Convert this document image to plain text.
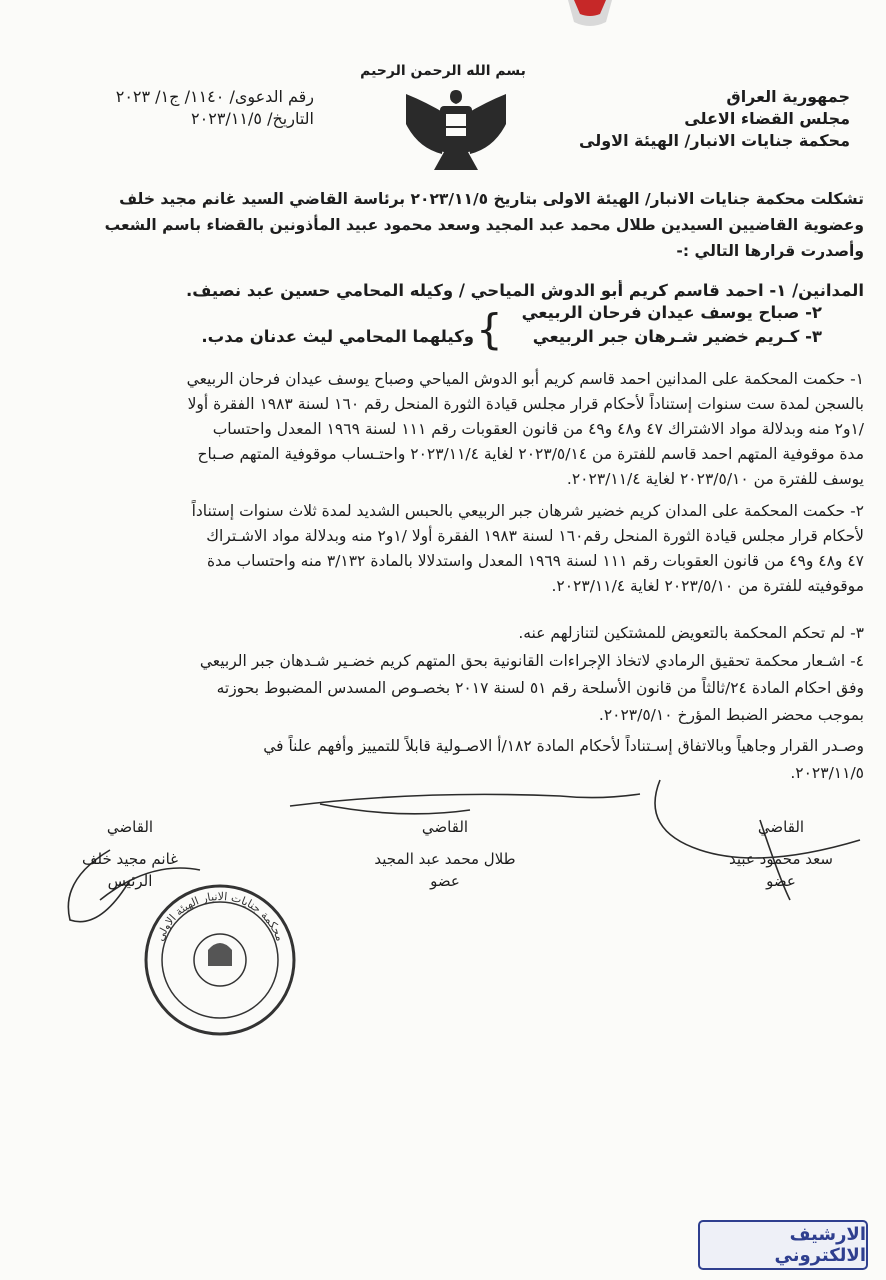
بسم الله الرحمن الرحيم
جمهورية العراق
مجلس القضاء الاعلى
محكمة جنايات الانبار/ الهيئة الاولى
رقم الدعوى/ ١١٤٠/ ج١/ ٢٠٢٣
التاريخ/ ٢٠٢٣/١١/٥
تشكلت محكمة جنايات الانبار/ الهيئة الاولى بتاريخ ٢٠٢٣/١١/٥ برئاسة القاضي السيد غانم مجيد خلف
وعضوية القاضيين السيدين طلال محمد عبد المجيد وسعد محمود عبيد المأذونين بالقضاء باسم الشعب
وأصدرت قرارها التالي :-
المدانين/ ١- احمد قاسم كريم أبو الدوش المياحي / وكيله المحامي حسين عبد نصيف.
٢- صباح يوسف عيدان فرحان الربيعي
٣- كـريم خضير شـرهان جبر الربيعي
}
وكيلهما المحامي ليث عدنان مدب.
١- حكمت المحكمة على المدانين احمد قاسم كريم أبو الدوش المياحي وصباح يوسف عيدان فرحان الربيعي
بالسجن لمدة ست سنوات إستناداً لأحكام قرار مجلس قيادة الثورة المنحل رقم ١٦٠ لسنة ١٩٨٣ الفقرة أولا
/١و٢ منه وبدلالة مواد الاشتراك ٤٧ و٤٨ و٤٩ من قانون العقوبات رقم ١١١ لسنة ١٩٦٩ المعدل واحتساب
مدة موقوفية المتهم احمد قاسم للفترة من ٢٠٢٣/٥/١٤ لغاية ٢٠٢٣/١١/٤ واحتـساب موقوفية المتهم صـباح
يوسف للفترة من ٢٠٢٣/٥/١٠ لغاية ٢٠٢٣/١١/٤.
٢- حكمت المحكمة على المدان كريم خضير شرهان جبر الربيعي بالحبس الشديد لمدة ثلاث سنوات إستناداً
لأحكام قرار مجلس قيادة الثورة المنحل رقم١٦٠ لسنة ١٩٨٣ الفقرة أولا /١و٢ منه وبدلالة مواد الاشـتراك
٤٧ و٤٨ و٤٩ من قانون العقوبات رقم ١١١ لسنة ١٩٦٩ المعدل واستدلالا بالمادة ٣/١٣٢ منه واحتساب مدة
موقوفيته للفترة من ٢٠٢٣/٥/١٠ لغاية ٢٠٢٣/١١/٤.
٣- لم تحكم المحكمة بالتعويض للمشتكين لتنازلهم عنه.
٤- اشـعار محكمة تحقيق الرمادي لاتخاذ الإجراءات القانونية بحق المتهم كريم خضـير شـدهان جبر الربيعي
وفق احكام المادة ٢٤/ثالثاً من قانون الأسلحة رقم ٥١ لسنة ٢٠١٧ بخصـوص المسدس المضبوط بحوزته
بموجب محضر الضبط المؤرخ ٢٠٢٣/٥/١٠.
وصـدر القرار وجاهياً وبالاتفاق إسـتناداً لأحكام المادة ١٨٢/أ الاصـولية قابلاً للتمييز وأفهم علناً في
٢٠٢٣/١١/٥.
القاضي
سعد محمود عبيد
عضو
القاضي
طلال محمد عبد المجيد
عضو
القاضي
غانم مجيد خلف
الرئيس
محكمة جنايات الانبار الهيئة الاولى
الارشيف الالكتروني
